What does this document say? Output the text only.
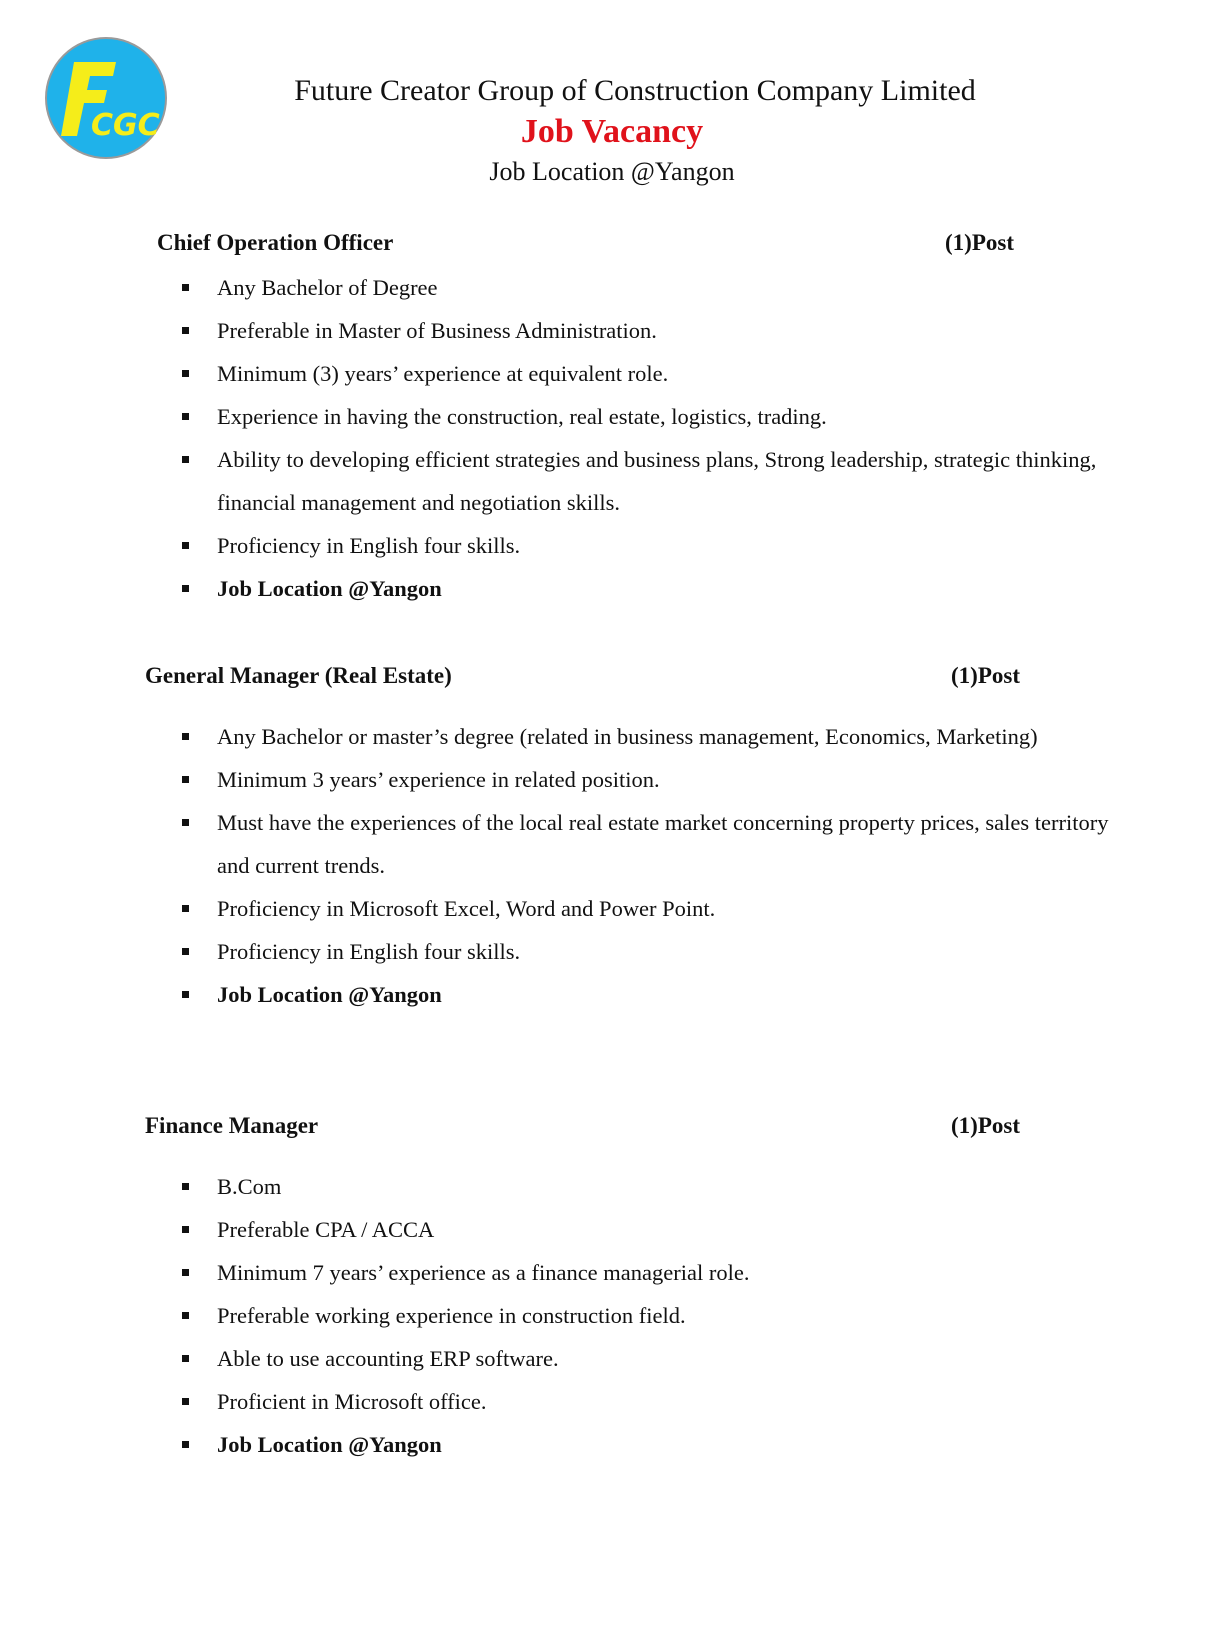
CGC
Future Creator Group of Construction Company Limited
Job Vacancy
Job Location @Yangon
Chief Operation Officer	(1)Post
Any Bachelor of Degree
Preferable in Master of Business Administration.
Minimum (3) years’ experience at equivalent role.
Experience in having the construction, real estate, logistics, trading.
Ability to developing efficient strategies and business plans, Strong leadership, strategic thinking, financial management and negotiation skills.
Proficiency in English four skills.
Job Location @Yangon
General Manager (Real Estate)	(1)Post
Any Bachelor or master’s degree (related in business management, Economics, Marketing)
Minimum 3 years’ experience in related position.
Must have the experiences of the local real estate market concerning property prices, sales territory and current trends.
Proficiency in Microsoft Excel, Word and Power Point.
Proficiency in English four skills.
Job Location @Yangon
Finance Manager	(1)Post
B.Com
Preferable CPA / ACCA
Minimum 7 years’ experience as a finance managerial role.
Preferable working experience in construction field.
Able to use accounting ERP software.
Proficient in Microsoft office.
Job Location @Yangon
